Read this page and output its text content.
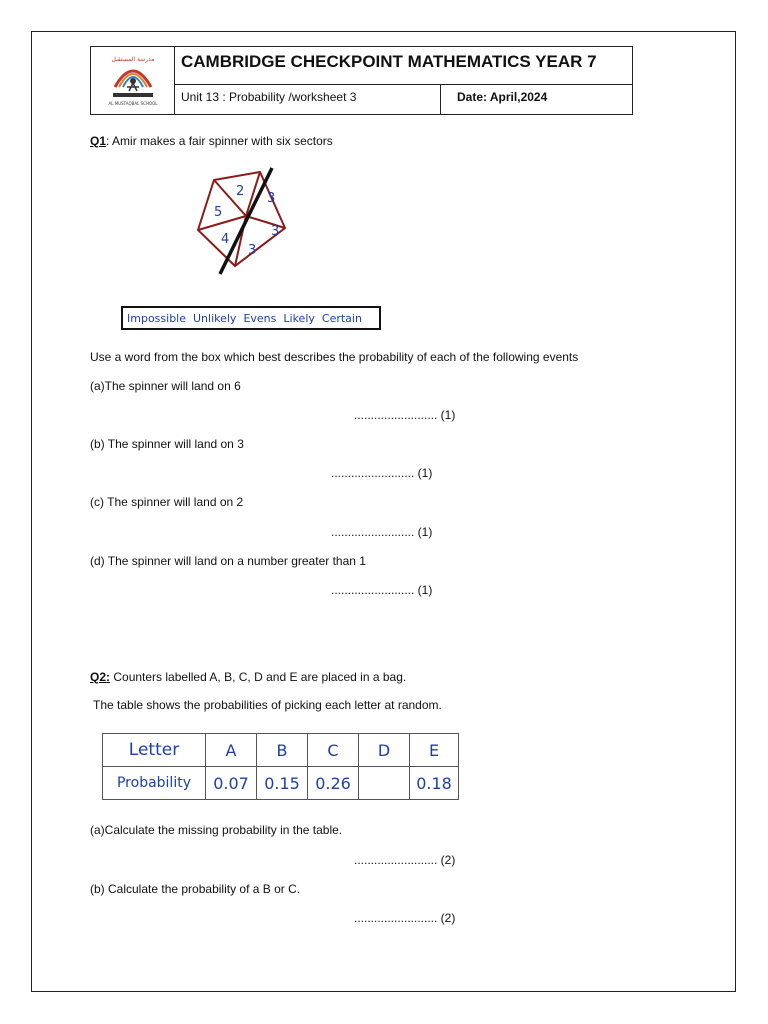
مدرسة المستقبل
AL MUSTAQBAL SCHOOL
CAMBRIDGE CHECKPOINT MATHEMATICS YEAR 7
Unit 13 : Probability /worksheet 3	Date: April,2024
Q1: Amir makes a fair spinner with six sectors
2 3
5
4
3
3
Impossible Unlikely Evens Likely Certain
Use a word from the box which best describes the probability of each of the following events
(a)The spinner will land on 6
......................... (1)
(b) The spinner will land on 3
......................... (1)
(c) The spinner will land on 2
......................... (1)
(d) The spinner will land on a number greater than 1
......................... (1)
Q2: Counters labelled A, B, C, D and E are placed in a bag.
The table shows the probabilities of picking each letter at random.
Letter	A	B	C	D	E
Probability	0.07	0.15	0.26		0.18
(a)Calculate the missing probability in the table.
......................... (2)
(b) Calculate the probability of a B or C.
......................... (2)
